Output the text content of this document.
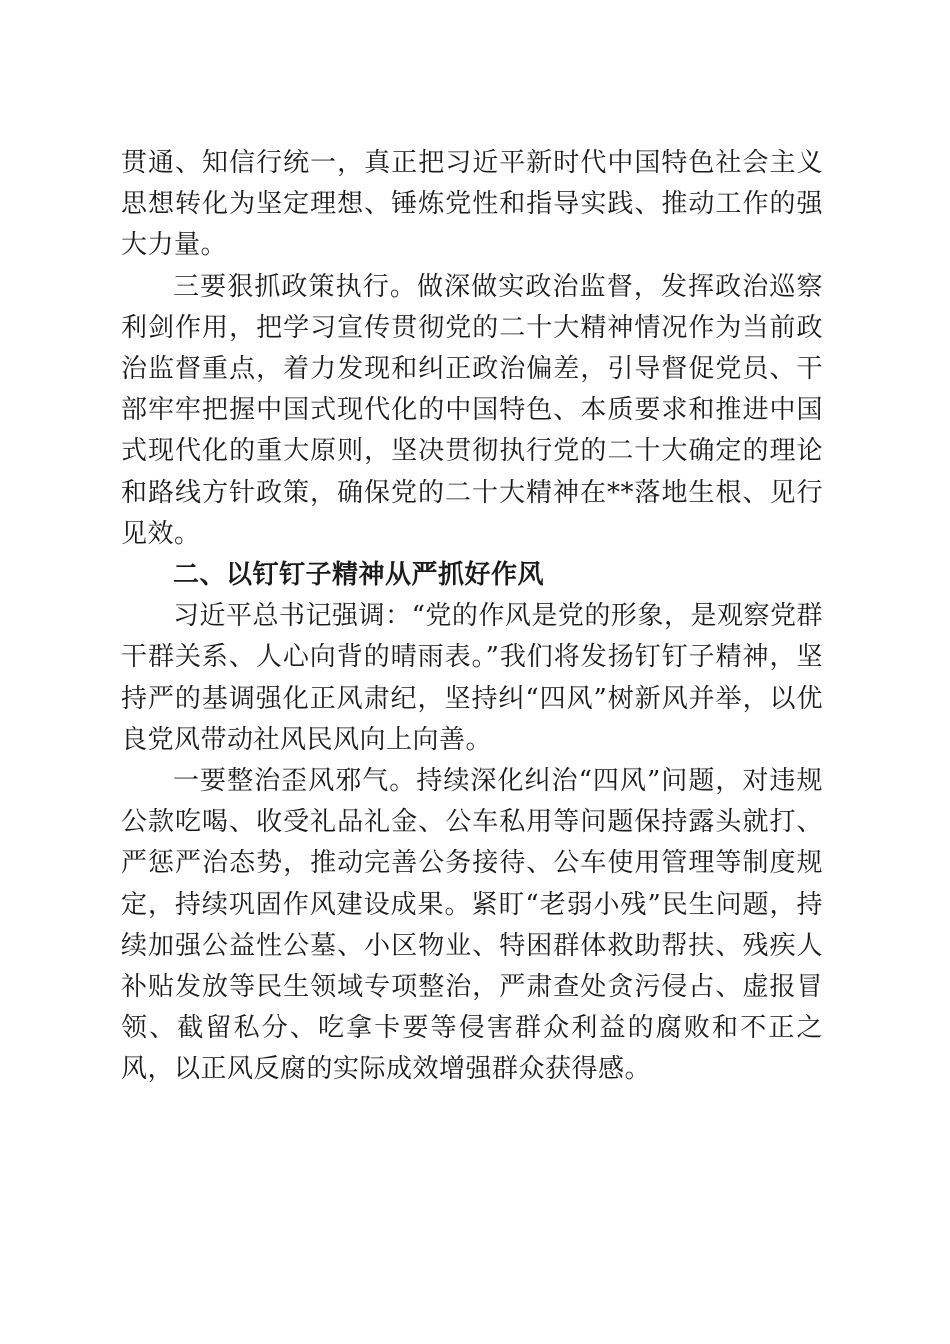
贯通、知信行统一，真正把习近平新时代中国特色社会主义思想转化为坚定理想、锤炼党性和指导实践、推动工作的强大力量。

三要狠抓政策执行。做深做实政治监督，发挥政治巡察利剑作用，把学习宣传贯彻党的二十大精神情况作为当前政治监督重点，着力发现和纠正政治偏差，引导督促党员、干部牢牢把握中国式现代化的中国特色、本质要求和推进中国式现代化的重大原则，坚决贯彻执行党的二十大确定的理论和路线方针政策，确保党的二十大精神在**落地生根、见行见效。

二、以钉钉子精神从严抓好作风

习近平总书记强调：“党的作风是党的形象，是观察党群干群关系、人心向背的晴雨表。”我们将发扬钉钉子精神，坚持严的基调强化正风肃纪，坚持纠“四风”树新风并举，以优良党风带动社风民风向上向善。

一要整治歪风邪气。持续深化纠治“四风”问题，对违规公款吃喝、收受礼品礼金、公车私用等问题保持露头就打、严惩严治态势，推动完善公务接待、公车使用管理等制度规定，持续巩固作风建设成果。紧盯“老弱小残”民生问题，持续加强公益性公墓、小区物业、特困群体救助帮扶、残疾人补贴发放等民生领域专项整治，严肃查处贪污侵占、虚报冒领、截留私分、吃拿卡要等侵害群众利益的腐败和不正之风，以正风反腐的实际成效增强群众获得感。
